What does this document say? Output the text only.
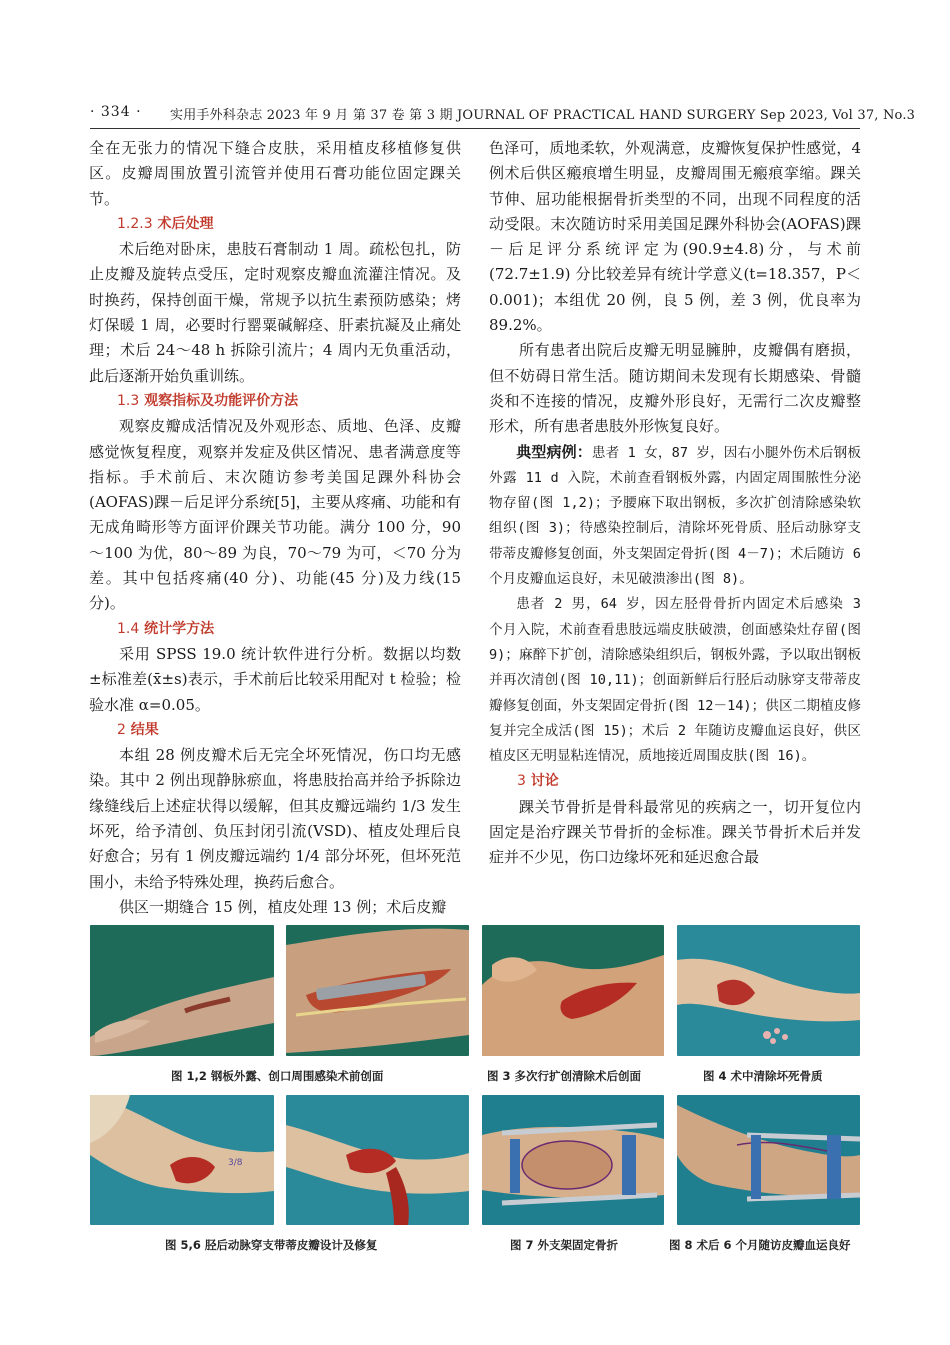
· 334 · 实用手外科杂志 2023 年 9 月 第 37 卷 第 3 期 JOURNAL OF PRACTICAL HAND SURGERY Sep 2023, Vol 37, No.3

全在无张力的情况下缝合皮肤，采用植皮移植修复供区。皮瓣周围放置引流管并使用石膏功能位固定踝关节。

1.2.3 术后处理

术后绝对卧床，患肢石膏制动 1 周。疏松包扎，防止皮瓣及旋转点受压，定时观察皮瓣血流灌注情况。及时换药，保持创面干燥，常规予以抗生素预防感染；烤灯保暖 1 周，必要时行罂粟碱解痉、肝素抗凝及止痛处理；术后 24～48 h 拆除引流片；4 周内无负重活动，此后逐渐开始负重训练。

1.3 观察指标及功能评价方法

观察皮瓣成活情况及外观形态、质地、色泽、皮瓣感觉恢复程度，观察并发症及供区情况、患者满意度等指标。手术前后、末次随访参考美国足踝外科协会(AOFAS)踝－后足评分系统[5]，主要从疼痛、功能和有无成角畸形等方面评价踝关节功能。满分 100 分，90～100 为优，80～89 为良，70～79 为可，＜70 分为差。其中包括疼痛(40 分)、功能(45 分)及力线(15 分)。

1.4 统计学方法

采用 SPSS 19.0 统计软件进行分析。数据以均数±标准差(x̄±s)表示，手术前后比较采用配对 t 检验；检验水准 α=0.05。

2 结果

本组 28 例皮瓣术后无完全坏死情况，伤口均无感染。其中 2 例出现静脉瘀血，将患肢抬高并给予拆除边缘缝线后上述症状得以缓解，但其皮瓣远端约 1/3 发生坏死，给予清创、负压封闭引流(VSD)、植皮处理后良好愈合；另有 1 例皮瓣远端约 1/4 部分坏死，但坏死范围小，未给予特殊处理，换药后愈合。

供区一期缝合 15 例，植皮处理 13 例；术后皮瓣

色泽可，质地柔软，外观满意，皮瓣恢复保护性感觉，4 例术后供区瘢痕增生明显，皮瓣周围无瘢痕挛缩。踝关节伸、屈功能根据骨折类型的不同，出现不同程度的活动受限。末次随访时采用美国足踝外科协会(AOFAS)踝－后足评分系统评定为(90.9±4.8)分，与术前 (72.7±1.9) 分比较差异有统计学意义(t=18.357，P＜0.001)；本组优 20 例，良 5 例，差 3 例，优良率为 89.2%。

所有患者出院后皮瓣无明显臃肿，皮瓣偶有磨损，但不妨碍日常生活。随访期间未发现有长期感染、骨髓炎和不连接的情况，皮瓣外形良好，无需行二次皮瓣整形术，所有患者患肢外形恢复良好。

典型病例：患者 1 女，87 岁，因右小腿外伤术后钢板外露 11 d 入院，术前查看钢板外露，内固定周围脓性分泌物存留(图 1,2)；予腰麻下取出钢板，多次扩创清除感染软组织(图 3)；待感染控制后，清除坏死骨质、胫后动脉穿支带蒂皮瓣修复创面，外支架固定骨折(图 4－7)；术后随访 6 个月皮瓣血运良好，未见破溃渗出(图 8)。

患者 2 男，64 岁，因左胫骨骨折内固定术后感染 3 个月入院，术前查看患肢远端皮肤破溃，创面感染灶存留(图 9)；麻醉下扩创，清除感染组织后，钢板外露，予以取出钢板并再次清创(图 10,11)；创面新鲜后行胫后动脉穿支带蒂皮瓣修复创面，外支架固定骨折(图 12－14)；供区二期植皮修复并完全成活(图 15)；术后 2 年随访皮瓣血运良好，供区植皮区无明显粘连情况，质地接近周围皮肤(图 16)。

3 讨论

踝关节骨折是骨科最常见的疾病之一，切开复位内固定是治疗踝关节骨折的金标准。踝关节骨折术后并发症并不少见，伤口边缘坏死和延迟愈合最

图 1,2 钢板外露、创口周围感染术前创面	图 3 多次行扩创清除术后创面	图 4 术中清除坏死骨质
3/8
图 5,6 胫后动脉穿支带蒂皮瓣设计及修复	图 7 外支架固定骨折	图 8 术后 6 个月随访皮瓣血运良好
